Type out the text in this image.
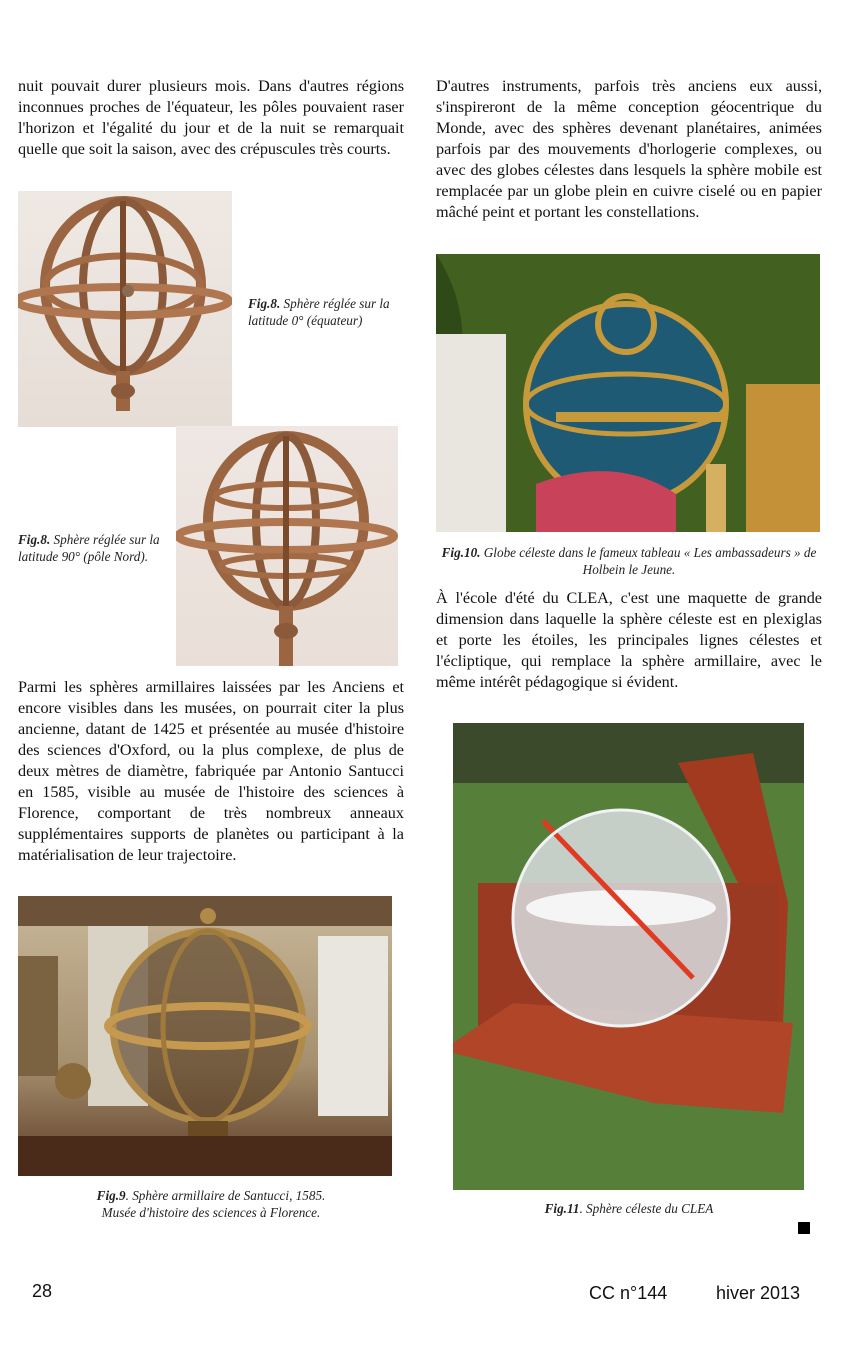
nuit pouvait durer plusieurs mois. Dans d'autres régions inconnues proches de l'équateur, les pôles pouvaient raser l'horizon et l'égalité du jour et de la nuit se remarquait quelle que soit la saison, avec des crépuscules très courts.

Fig.8. Sphère réglée sur la latitude 0° (équateur)
Fig.8. Sphère réglée sur la latitude 90° (pôle Nord).

Parmi les sphères armillaires laissées par les Anciens et encore visibles dans les musées, on pourrait citer la plus ancienne, datant de 1425 et présentée au musée d'histoire des sciences d'Oxford, ou la plus complexe, de plus de deux mètres de diamètre, fabriquée par Antonio Santucci en 1585, visible au musée de l'histoire des sciences à Florence, comportant de très nombreux anneaux supplémentaires supports de planètes ou participant à la matérialisation de leur trajectoire.

Fig.9. Sphère armillaire de Santucci, 1585.
Musée d'histoire des sciences à Florence.

D'autres instruments, parfois très anciens eux aussi, s'inspireront de la même conception géocentrique du Monde, avec des sphères devenant planétaires, animées parfois par des mouvements d'horlogerie complexes, ou avec des globes célestes dans lesquels la sphère mobile est remplacée par un globe plein en cuivre ciselé ou en papier mâché peint et portant les constellations.

Fig.10. Globe céleste dans le fameux tableau « Les ambassadeurs » de Holbein le Jeune.

À l'école d'été du CLEA, c'est une maquette de grande dimension dans laquelle la sphère céleste est en plexiglas et porte les étoiles, les principales lignes célestes et l'écliptique, qui remplace la sphère armillaire, avec le même intérêt pédagogique si évident.

Fig.11. Sphère céleste du CLEA
28	CC n°144	hiver 2013
